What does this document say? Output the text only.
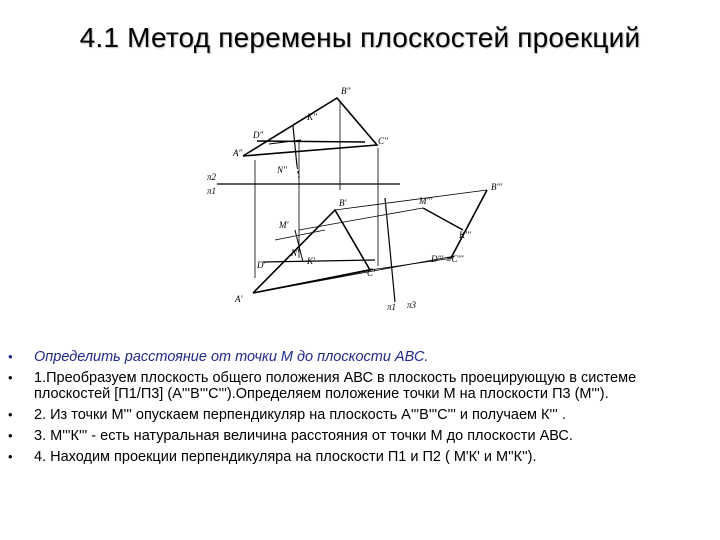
4.1 Метод перемены плоскостей проекций
B''
K''
D''
C''
A''
N''
π2
π1	B'''
B'	M'''
M'
K'''
N'
D''' ≡C'''
D'	K'
C'
A'
π1 π3
• Определить расстояние от точки М до плоскости АВС.
• 1.Преобразуем плоскость общего положения АВС в плоскость проецирующую в системе плоскостей [П1/П3] (А'''В'''С''').Определяем положение точки М на плоскости П3 (М''').
• 2. Из точки М''' опускаем перпендикуляр на плоскость А'''В'''С''' и получаем К''' .
• 3. М'''К''' - есть натуральная величина расстояния от точки М до плоскости АВС.
• 4. Находим проекции перпендикуляра на плоскости П1 и П2 ( М'К' и М''К'').
